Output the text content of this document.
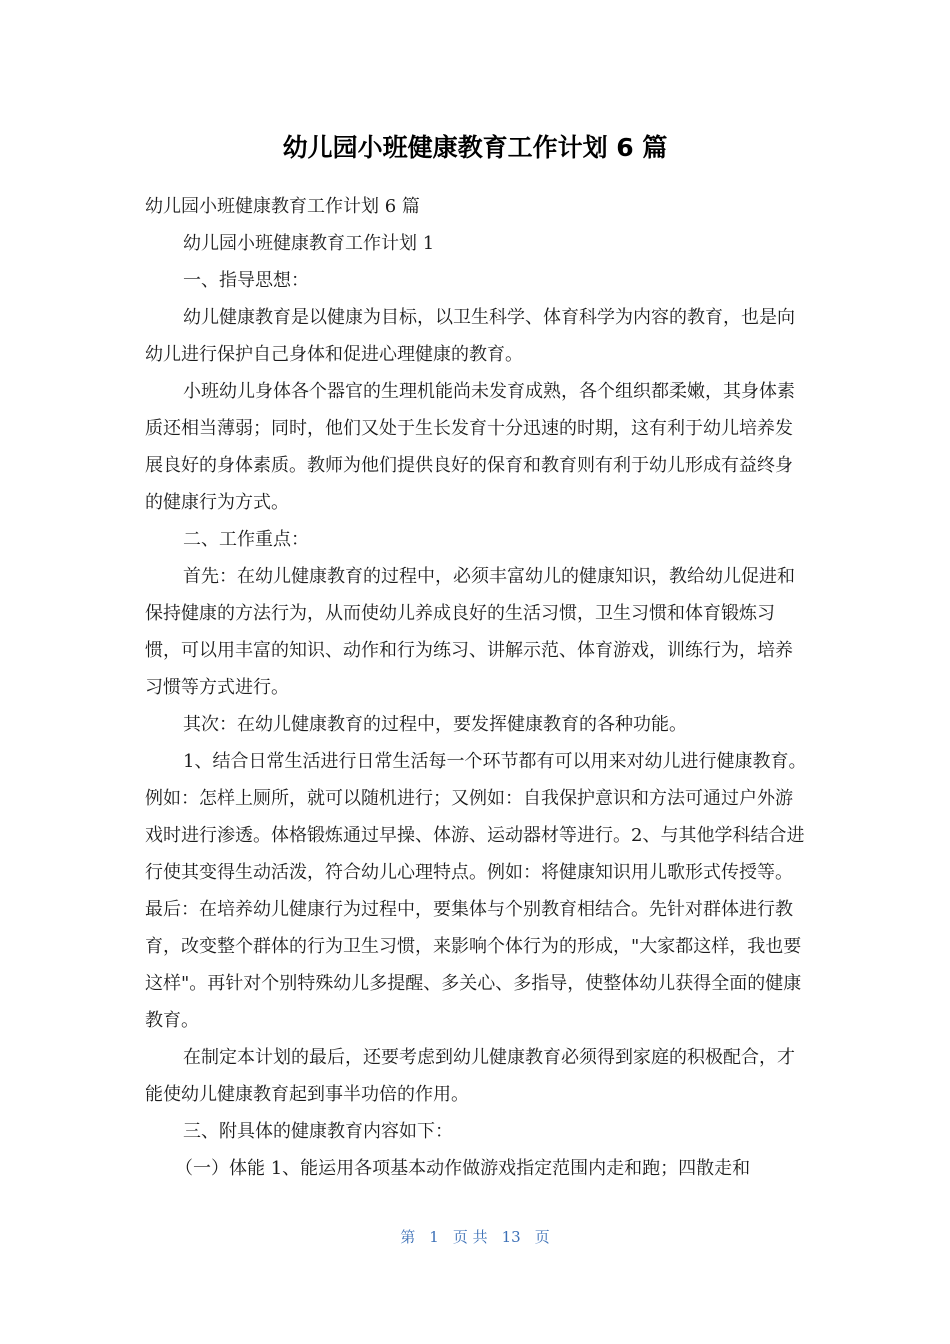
幼儿园小班健康教育工作计划 6 篇

幼儿园小班健康教育工作计划 6 篇

幼儿园小班健康教育工作计划 1

一、指导思想：

幼儿健康教育是以健康为目标，以卫生科学、体育科学为内容的教育，也是向幼儿进行保护自己身体和促进心理健康的教育。

小班幼儿身体各个器官的生理机能尚未发育成熟，各个组织都柔嫩，其身体素质还相当薄弱；同时，他们又处于生长发育十分迅速的时期，这有利于幼儿培养发展良好的身体素质。教师为他们提供良好的保育和教育则有利于幼儿形成有益终身的健康行为方式。

二、工作重点：

首先：在幼儿健康教育的过程中，必须丰富幼儿的健康知识，教给幼儿促进和保持健康的方法行为，从而使幼儿养成良好的生活习惯，卫生习惯和体育锻炼习惯，可以用丰富的知识、动作和行为练习、讲解示范、体育游戏，训练行为，培养习惯等方式进行。

其次：在幼儿健康教育的过程中，要发挥健康教育的各种功能。

1、结合日常生活进行日常生活每一个环节都有可以用来对幼儿进行健康教育。例如：怎样上厕所，就可以随机进行；又例如：自我保护意识和方法可通过户外游戏时进行渗透。体格锻炼通过早操、体游、运动器材等进行。2、与其他学科结合进行使其变得生动活泼，符合幼儿心理特点。例如：将健康知识用儿歌形式传授等。最后：在培养幼儿健康行为过程中，要集体与个别教育相结合。先针对群体进行教育，改变整个群体的行为卫生习惯，来影响个体行为的形成，"大家都这样，我也要这样"。再针对个别特殊幼儿多提醒、多关心、多指导，使整体幼儿获得全面的健康教育。

在制定本计划的最后，还要考虑到幼儿健康教育必须得到家庭的积极配合，才能使幼儿健康教育起到事半功倍的作用。

三、附具体的健康教育内容如下：

（一）体能 1、能运用各项基本动作做游戏指定范围内走和跑；四散走和

第 1 页 共 13 页
